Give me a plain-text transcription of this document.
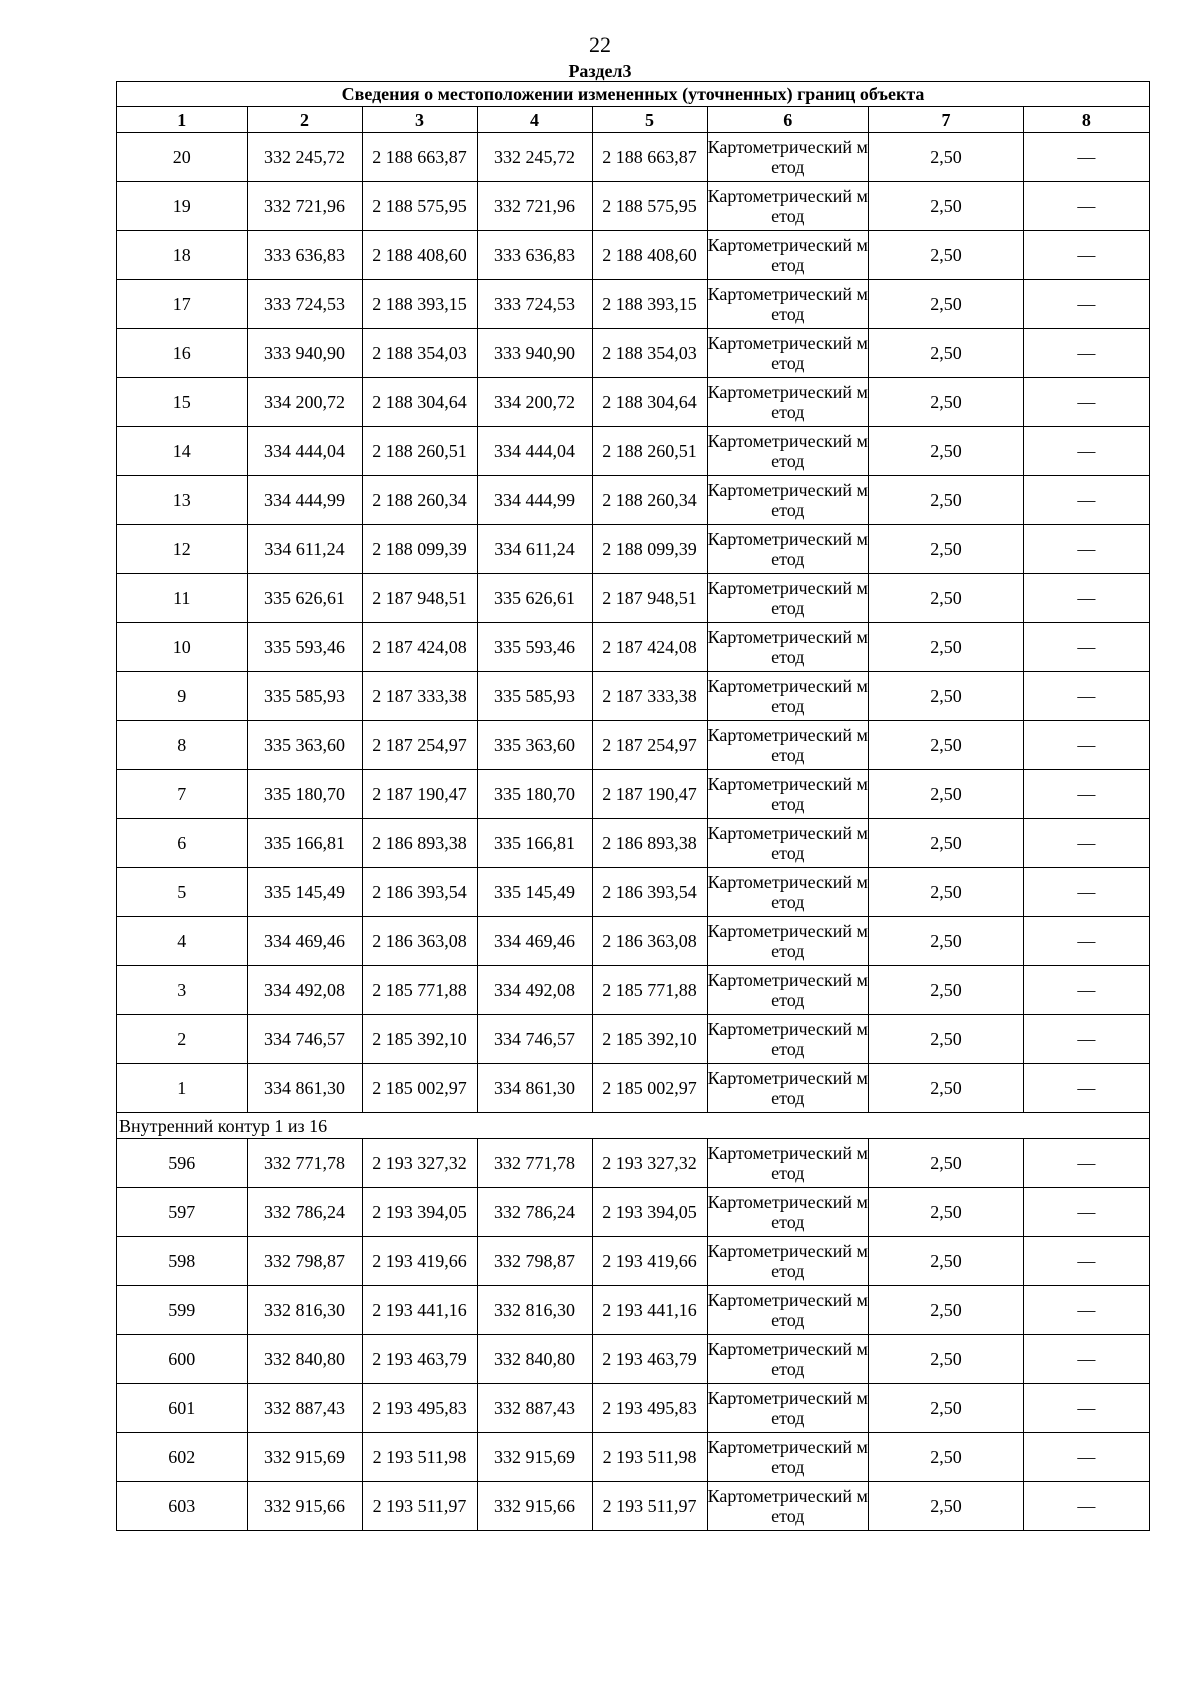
22
Раздел3
Сведения о местоположении измененных (уточненных) границ объекта							
1	2	3	4	5	6	7	8
20	332 245,72	2 188 663,87	332 245,72	2 188 663,87	Картометрический метод	2,50	—
19	332 721,96	2 188 575,95	332 721,96	2 188 575,95	Картометрический метод	2,50	—
18	333 636,83	2 188 408,60	333 636,83	2 188 408,60	Картометрический метод	2,50	—
17	333 724,53	2 188 393,15	333 724,53	2 188 393,15	Картометрический метод	2,50	—
16	333 940,90	2 188 354,03	333 940,90	2 188 354,03	Картометрический метод	2,50	—
15	334 200,72	2 188 304,64	334 200,72	2 188 304,64	Картометрический метод	2,50	—
14	334 444,04	2 188 260,51	334 444,04	2 188 260,51	Картометрический метод	2,50	—
13	334 444,99	2 188 260,34	334 444,99	2 188 260,34	Картометрический метод	2,50	—
12	334 611,24	2 188 099,39	334 611,24	2 188 099,39	Картометрический метод	2,50	—
11	335 626,61	2 187 948,51	335 626,61	2 187 948,51	Картометрический метод	2,50	—
10	335 593,46	2 187 424,08	335 593,46	2 187 424,08	Картометрический метод	2,50	—
9	335 585,93	2 187 333,38	335 585,93	2 187 333,38	Картометрический метод	2,50	—
8	335 363,60	2 187 254,97	335 363,60	2 187 254,97	Картометрический метод	2,50	—
7	335 180,70	2 187 190,47	335 180,70	2 187 190,47	Картометрический метод	2,50	—
6	335 166,81	2 186 893,38	335 166,81	2 186 893,38	Картометрический метод	2,50	—
5	335 145,49	2 186 393,54	335 145,49	2 186 393,54	Картометрический метод	2,50	—
4	334 469,46	2 186 363,08	334 469,46	2 186 363,08	Картометрический метод	2,50	—
3	334 492,08	2 185 771,88	334 492,08	2 185 771,88	Картометрический метод	2,50	—
2	334 746,57	2 185 392,10	334 746,57	2 185 392,10	Картометрический метод	2,50	—
1	334 861,30	2 185 002,97	334 861,30	2 185 002,97	Картометрический метод	2,50	—
Внутренний контур 1 из 16							
596	332 771,78	2 193 327,32	332 771,78	2 193 327,32	Картометрический метод	2,50	—
597	332 786,24	2 193 394,05	332 786,24	2 193 394,05	Картометрический метод	2,50	—
598	332 798,87	2 193 419,66	332 798,87	2 193 419,66	Картометрический метод	2,50	—
599	332 816,30	2 193 441,16	332 816,30	2 193 441,16	Картометрический метод	2,50	—
600	332 840,80	2 193 463,79	332 840,80	2 193 463,79	Картометрический метод	2,50	—
601	332 887,43	2 193 495,83	332 887,43	2 193 495,83	Картометрический метод	2,50	—
602	332 915,69	2 193 511,98	332 915,69	2 193 511,98	Картометрический метод	2,50	—
603	332 915,66	2 193 511,97	332 915,66	2 193 511,97	Картометрический метод	2,50	—
